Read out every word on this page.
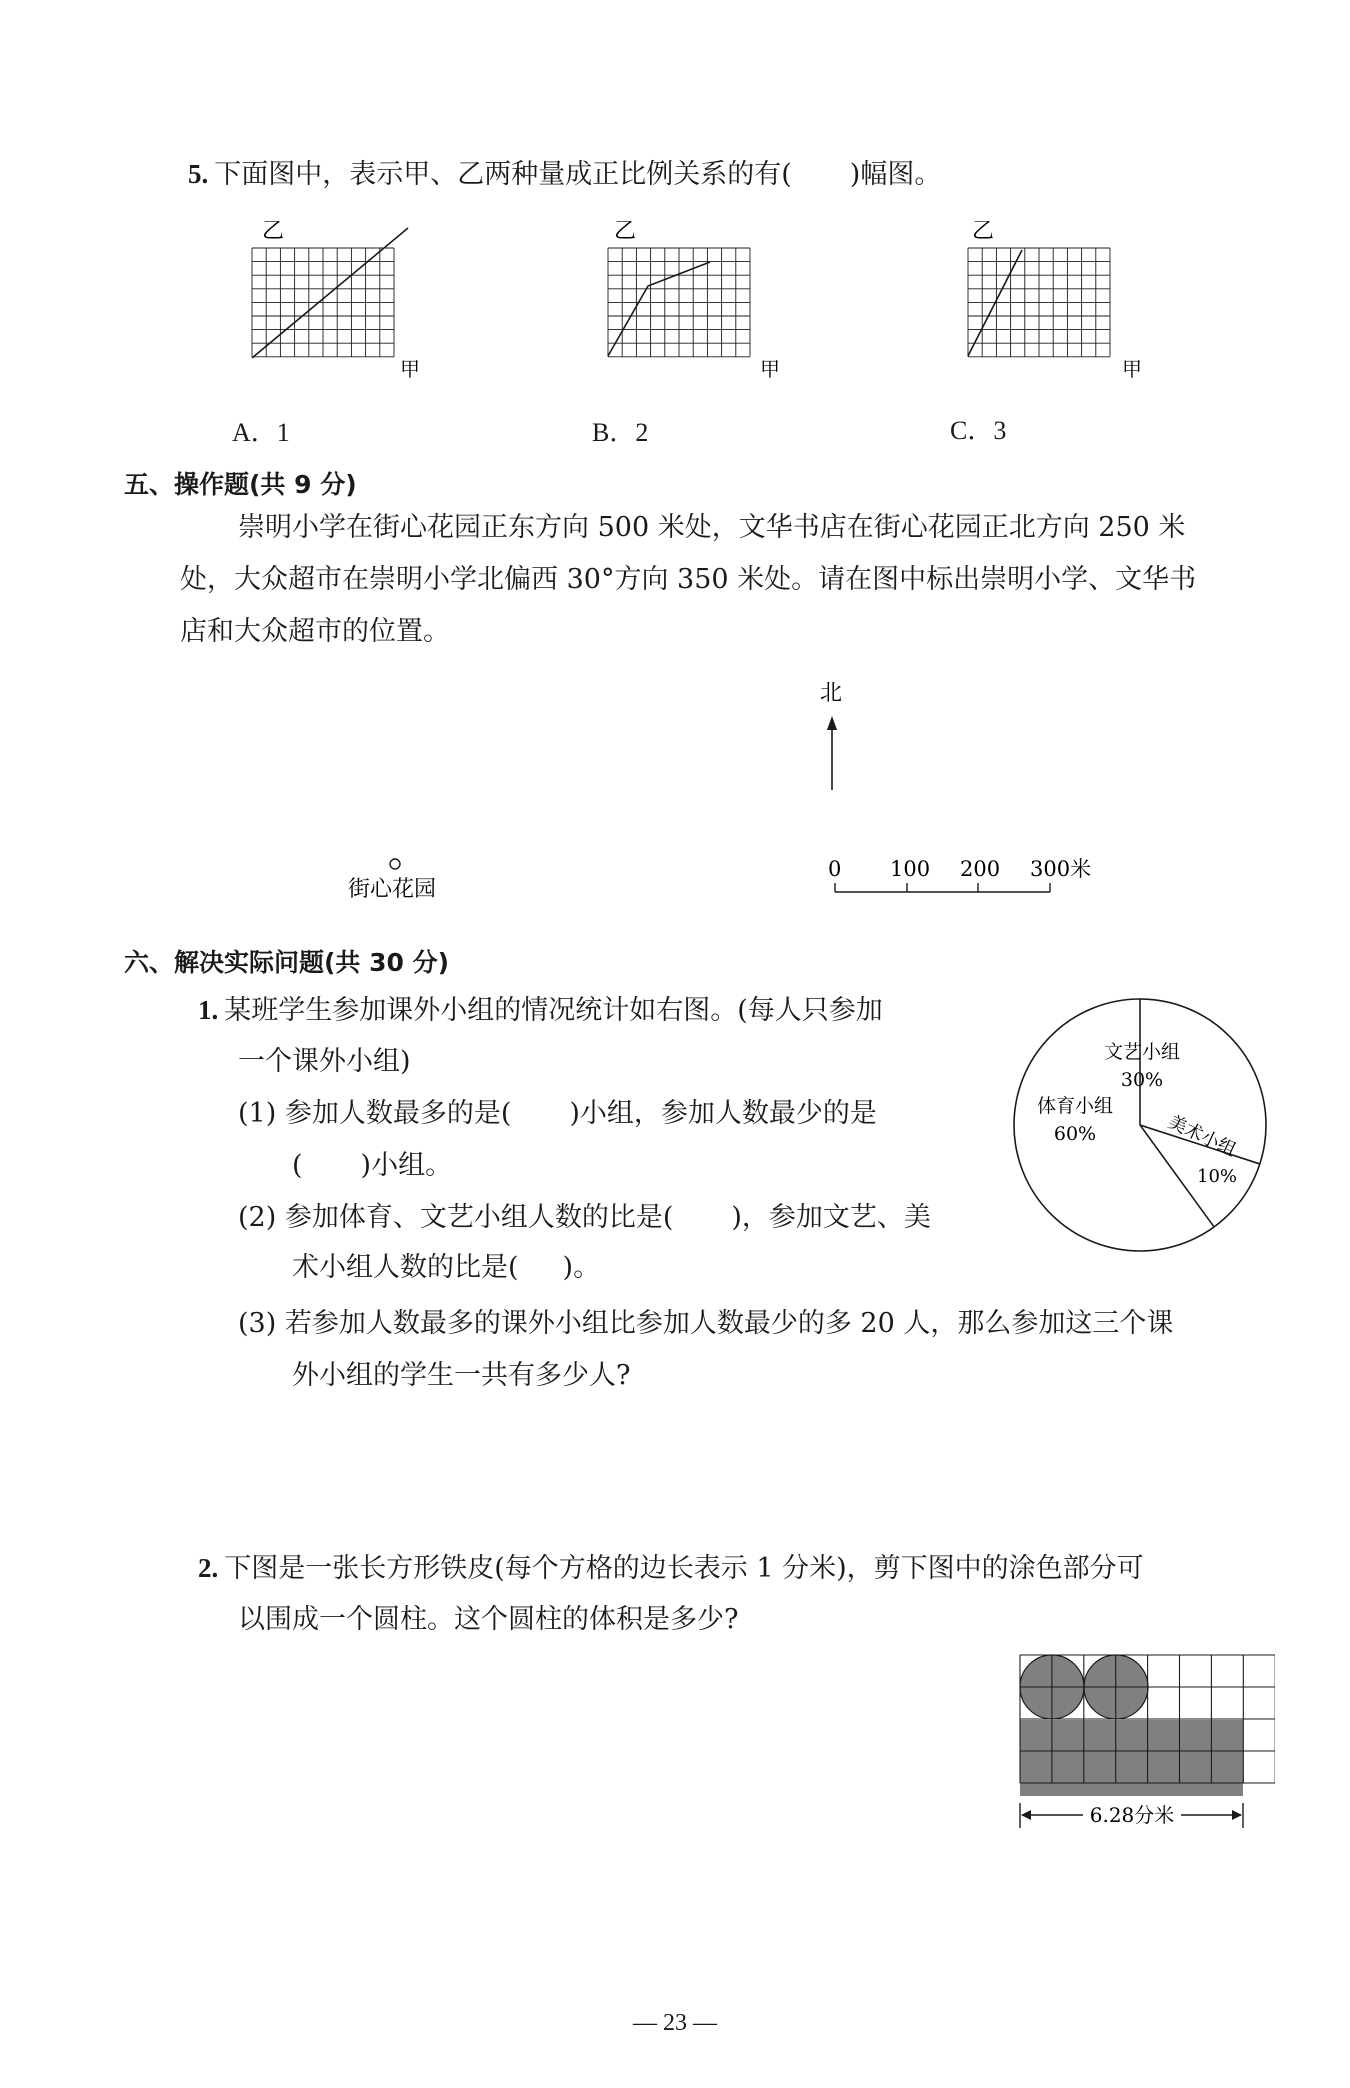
5. 下面图中，表示甲、乙两种量成正比例关系的有( )幅图。
乙
甲
A．1
乙
甲
B．2
乙
甲
C．3
五、操作题(共 9 分)
崇明小学在街心花园正东方向 500 米处，文华书店在街心花园正北方向 250 米
处，大众超市在崇明小学北偏西 30°方向 350 米处。请在图中标出崇明小学、文华书
店和大众超市的位置。
北
街心花园
0 100 200 300米
六、解决实际问题(共 30 分)
1. 某班学生参加课外小组的情况统计如右图。(每人只参加
一个课外小组)
(1) 参加人数最多的是( )小组，参加人数最少的是
( )小组。
(2) 参加体育、文艺小组人数的比是( )，参加文艺、美
术小组人数的比是( )。
(3) 若参加人数最多的课外小组比参加人数最少的多 20 人，那么参加这三个课
外小组的学生一共有多少人?
文艺小组
30%
体育小组
60%	美术小组
10%
2. 下图是一张长方形铁皮(每个方格的边长表示 1 分米)，剪下图中的涂色部分可
以围成一个圆柱。这个圆柱的体积是多少?
6.28分米
— 23 —
